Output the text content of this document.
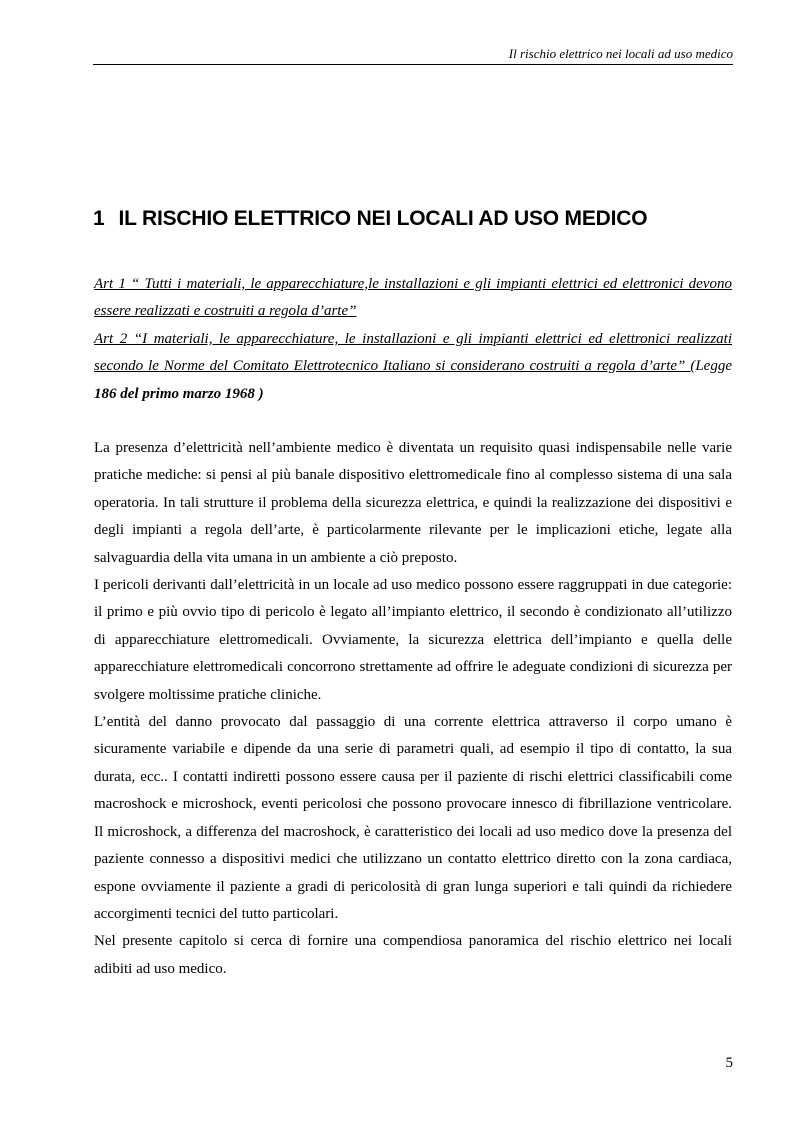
Il rischio elettrico nei locali ad uso medico
1 IL RISCHIO ELETTRICO NEI LOCALI AD USO MEDICO

Art 1 “ Tutti i materiali, le apparecchiature,le installazioni e gli impianti elettrici ed elettronici devono essere realizzati e costruiti a regola d’arte”

Art 2 “I materiali, le apparecchiature, le installazioni e gli impianti elettrici ed elettronici realizzati secondo le Norme del Comitato Elettrotecnico Italiano si considerano costruiti a regola d’arte” (Legge 186 del primo marzo 1968 )

La presenza d’elettricità nell’ambiente medico è diventata un requisito quasi indispensabile nelle varie pratiche mediche: si pensi al più banale dispositivo elettromedicale fino al complesso sistema di una sala operatoria. In tali strutture il problema della sicurezza elettrica, e quindi la realizzazione dei dispositivi e degli impianti a regola dell’arte, è particolarmente rilevante per le implicazioni etiche, legate alla salvaguardia della vita umana in un ambiente a ciò preposto.

I pericoli derivanti dall’elettricità in un locale ad uso medico possono essere raggruppati in due categorie: il primo e più ovvio tipo di pericolo è legato all’impianto elettrico, il secondo è condizionato all’utilizzo di apparecchiature elettromedicali. Ovviamente, la sicurezza elettrica dell’impianto e quella delle apparecchiature elettromedicali concorrono strettamente ad offrire le adeguate condizioni di sicurezza per svolgere moltissime pratiche cliniche.

L’entità del danno provocato dal passaggio di una corrente elettrica attraverso il corpo umano è sicuramente variabile e dipende da una serie di parametri quali, ad esempio il tipo di contatto, la sua durata, ecc.. I contatti indiretti possono essere causa per il paziente di rischi elettrici classificabili come macroshock e microshock, eventi pericolosi che possono provocare innesco di fibrillazione ventricolare. Il microshock, a differenza del macroshock, è caratteristico dei locali ad uso medico dove la presenza del paziente connesso a dispositivi medici che utilizzano un contatto elettrico diretto con la zona cardiaca, espone ovviamente il paziente a gradi di pericolosità di gran lunga superiori e tali quindi da richiedere accorgimenti tecnici del tutto particolari.

Nel presente capitolo si cerca di fornire una compendiosa panoramica del rischio elettrico nei locali adibiti ad uso medico.

5
